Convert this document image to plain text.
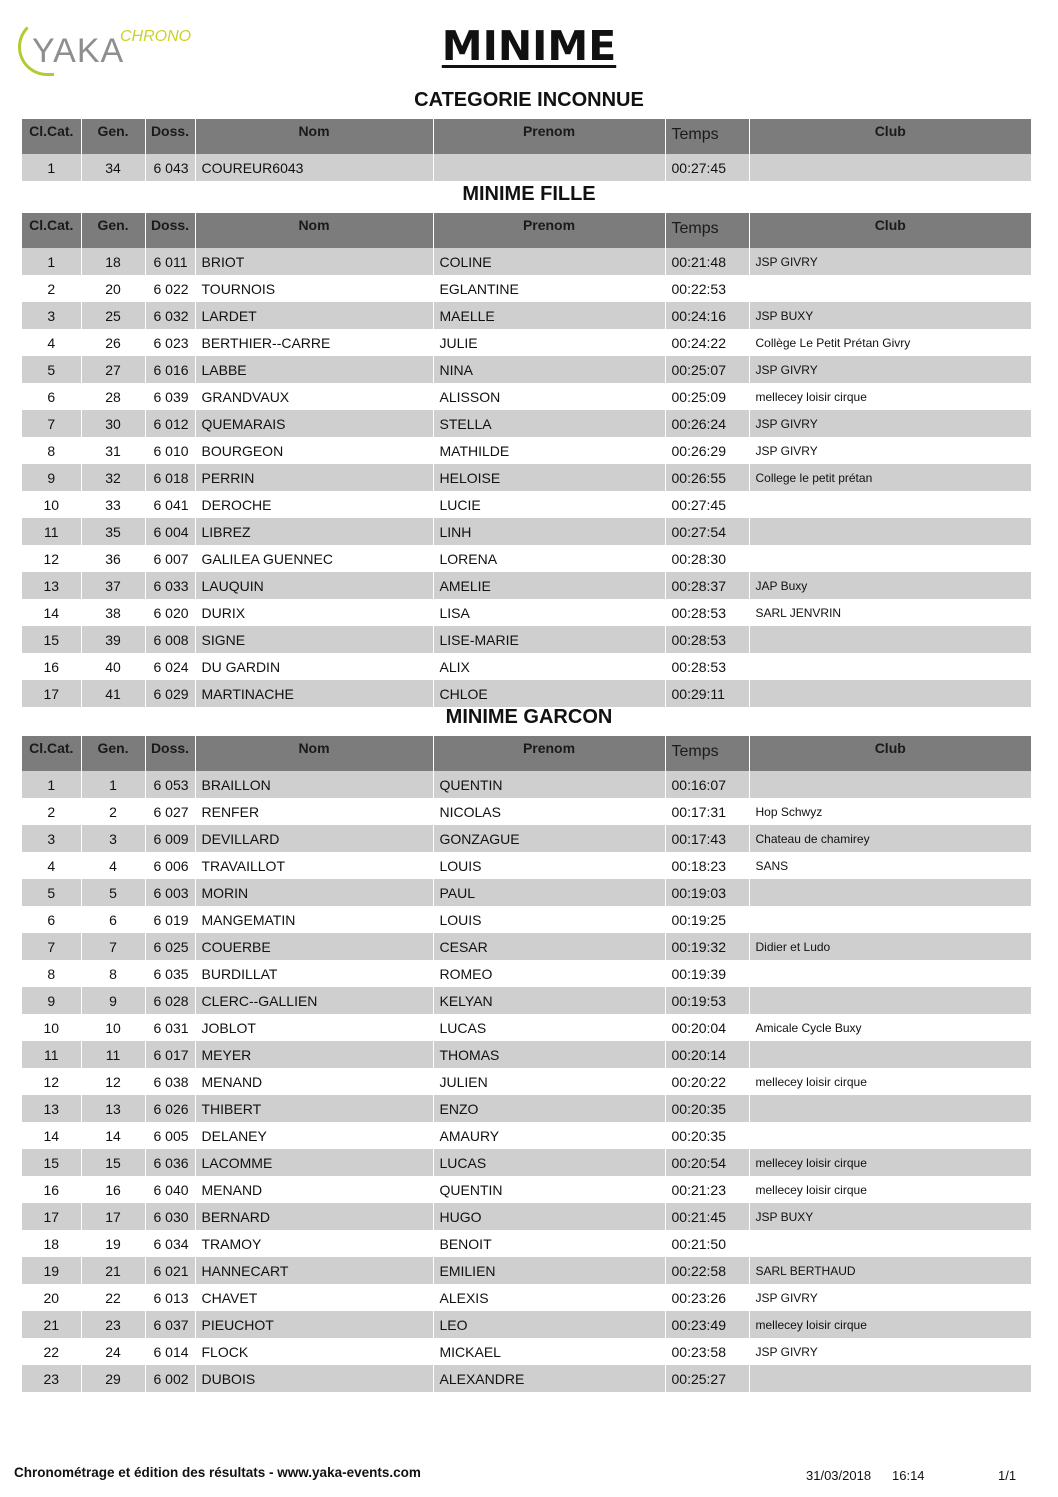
YAKA
CHRONO	MINIME
CATEGORIE INCONNUE
Cl.Cat.	Gen.	Doss.	Nom	Prenom	Temps	Club
1	34	6 043	COUREUR6043		00:27:45	
MINIME FILLE
Cl.Cat.	Gen.	Doss.	Nom	Prenom	Temps	Club
1	18	6 011	BRIOT	COLINE	00:21:48	JSP GIVRY
2	20	6 022	TOURNOIS	EGLANTINE	00:22:53	
3	25	6 032	LARDET	MAELLE	00:24:16	JSP BUXY
4	26	6 023	BERTHIER--CARRE	JULIE	00:24:22	Collège Le Petit Prétan Givry
5	27	6 016	LABBE	NINA	00:25:07	JSP GIVRY
6	28	6 039	GRANDVAUX	ALISSON	00:25:09	mellecey loisir cirque
7	30	6 012	QUEMARAIS	STELLA	00:26:24	JSP GIVRY
8	31	6 010	BOURGEON	MATHILDE	00:26:29	JSP GIVRY
9	32	6 018	PERRIN	HELOISE	00:26:55	College le petit prétan
10	33	6 041	DEROCHE	LUCIE	00:27:45	
11	35	6 004	LIBREZ	LINH	00:27:54	
12	36	6 007	GALILEA GUENNEC	LORENA	00:28:30	
13	37	6 033	LAUQUIN	AMELIE	00:28:37	JAP Buxy
14	38	6 020	DURIX	LISA	00:28:53	SARL JENVRIN
15	39	6 008	SIGNE	LISE-MARIE	00:28:53	
16	40	6 024	DU GARDIN	ALIX	00:28:53	
17	41	6 029	MARTINACHE	CHLOE	00:29:11	
MINIME GARCON
Cl.Cat.	Gen.	Doss.	Nom	Prenom	Temps	Club
1	1	6 053	BRAILLON	QUENTIN	00:16:07	
2	2	6 027	RENFER	NICOLAS	00:17:31	Hop Schwyz
3	3	6 009	DEVILLARD	GONZAGUE	00:17:43	Chateau de chamirey
4	4	6 006	TRAVAILLOT	LOUIS	00:18:23	SANS
5	5	6 003	MORIN	PAUL	00:19:03	
6	6	6 019	MANGEMATIN	LOUIS	00:19:25	
7	7	6 025	COUERBE	CESAR	00:19:32	Didier et Ludo
8	8	6 035	BURDILLAT	ROMEO	00:19:39	
9	9	6 028	CLERC--GALLIEN	KELYAN	00:19:53	
10	10	6 031	JOBLOT	LUCAS	00:20:04	Amicale Cycle Buxy
11	11	6 017	MEYER	THOMAS	00:20:14	
12	12	6 038	MENAND	JULIEN	00:20:22	mellecey loisir cirque
13	13	6 026	THIBERT	ENZO	00:20:35	
14	14	6 005	DELANEY	AMAURY	00:20:35	
15	15	6 036	LACOMME	LUCAS	00:20:54	mellecey loisir cirque
16	16	6 040	MENAND	QUENTIN	00:21:23	mellecey loisir cirque
17	17	6 030	BERNARD	HUGO	00:21:45	JSP BUXY
18	19	6 034	TRAMOY	BENOIT	00:21:50	
19	21	6 021	HANNECART	EMILIEN	00:22:58	SARL BERTHAUD
20	22	6 013	CHAVET	ALEXIS	00:23:26	JSP GIVRY
21	23	6 037	PIEUCHOT	LEO	00:23:49	mellecey loisir cirque
22	24	6 014	FLOCK	MICKAEL	00:23:58	JSP GIVRY
23	29	6 002	DUBOIS	ALEXANDRE	00:25:27	
Chronométrage et édition des résultats - www.yaka-events.com	31/03/2018 16:14	1/1
